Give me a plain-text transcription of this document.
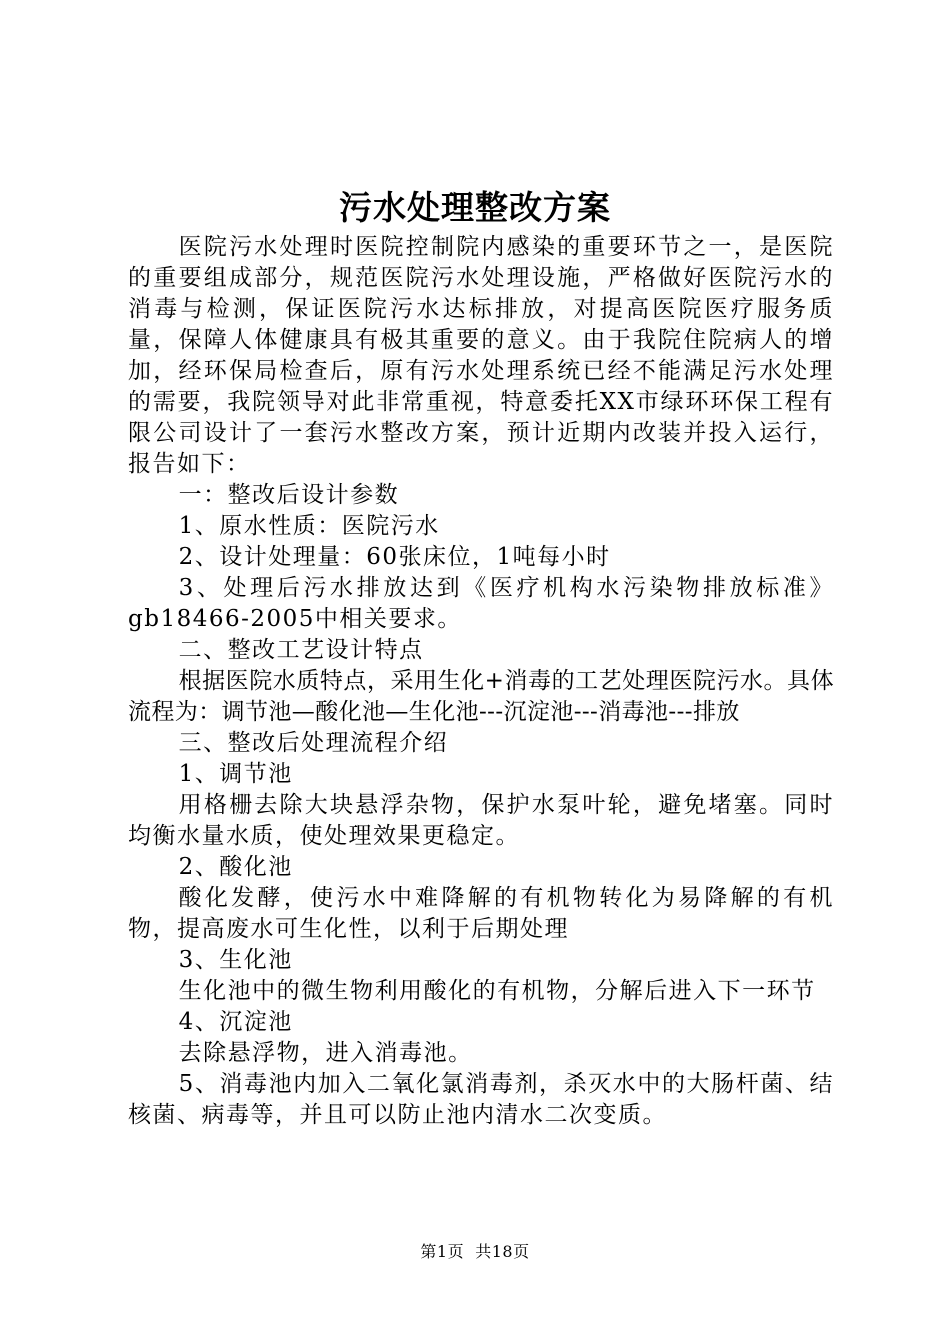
污水处理整改方案

医院污水处理时医院控制院内感染的重要环节之一，是医院的重要组成部分，规范医院污水处理设施，严格做好医院污水的消毒与检测，保证医院污水达标排放，对提高医院医疗服务质量，保障人体健康具有极其重要的意义。由于我院住院病人的增加，经环保局检查后，原有污水处理系统已经不能满足污水处理的需要，我院领导对此非常重视，特意委托XX市绿环环保工程有限公司设计了一套污水整改方案，预计近期内改装并投入运行，报告如下：

一：整改后设计参数

1、原水性质：医院污水

2、设计处理量：60张床位，1吨每小时

3、处理后污水排放达到《医疗机构水污染物排放标准》gb18466-2005中相关要求。

二、整改工艺设计特点

根据医院水质特点，采用生化+消毒的工艺处理医院污水。具体流程为：调节池—酸化池—生化池---沉淀池---消毒池---排放

三、整改后处理流程介绍

1、调节池

用格栅去除大块悬浮杂物，保护水泵叶轮，避免堵塞。同时均衡水量水质，使处理效果更稳定。

2、酸化池

酸化发酵，使污水中难降解的有机物转化为易降解的有机物，提高废水可生化性，以利于后期处理

3、生化池

生化池中的微生物利用酸化的有机物，分解后进入下一环节

4、沉淀池

去除悬浮物，进入消毒池。

5、消毒池内加入二氧化氯消毒剂，杀灭水中的大肠杆菌、结核菌、病毒等，并且可以防止池内清水二次变质。

第1页  共18页
